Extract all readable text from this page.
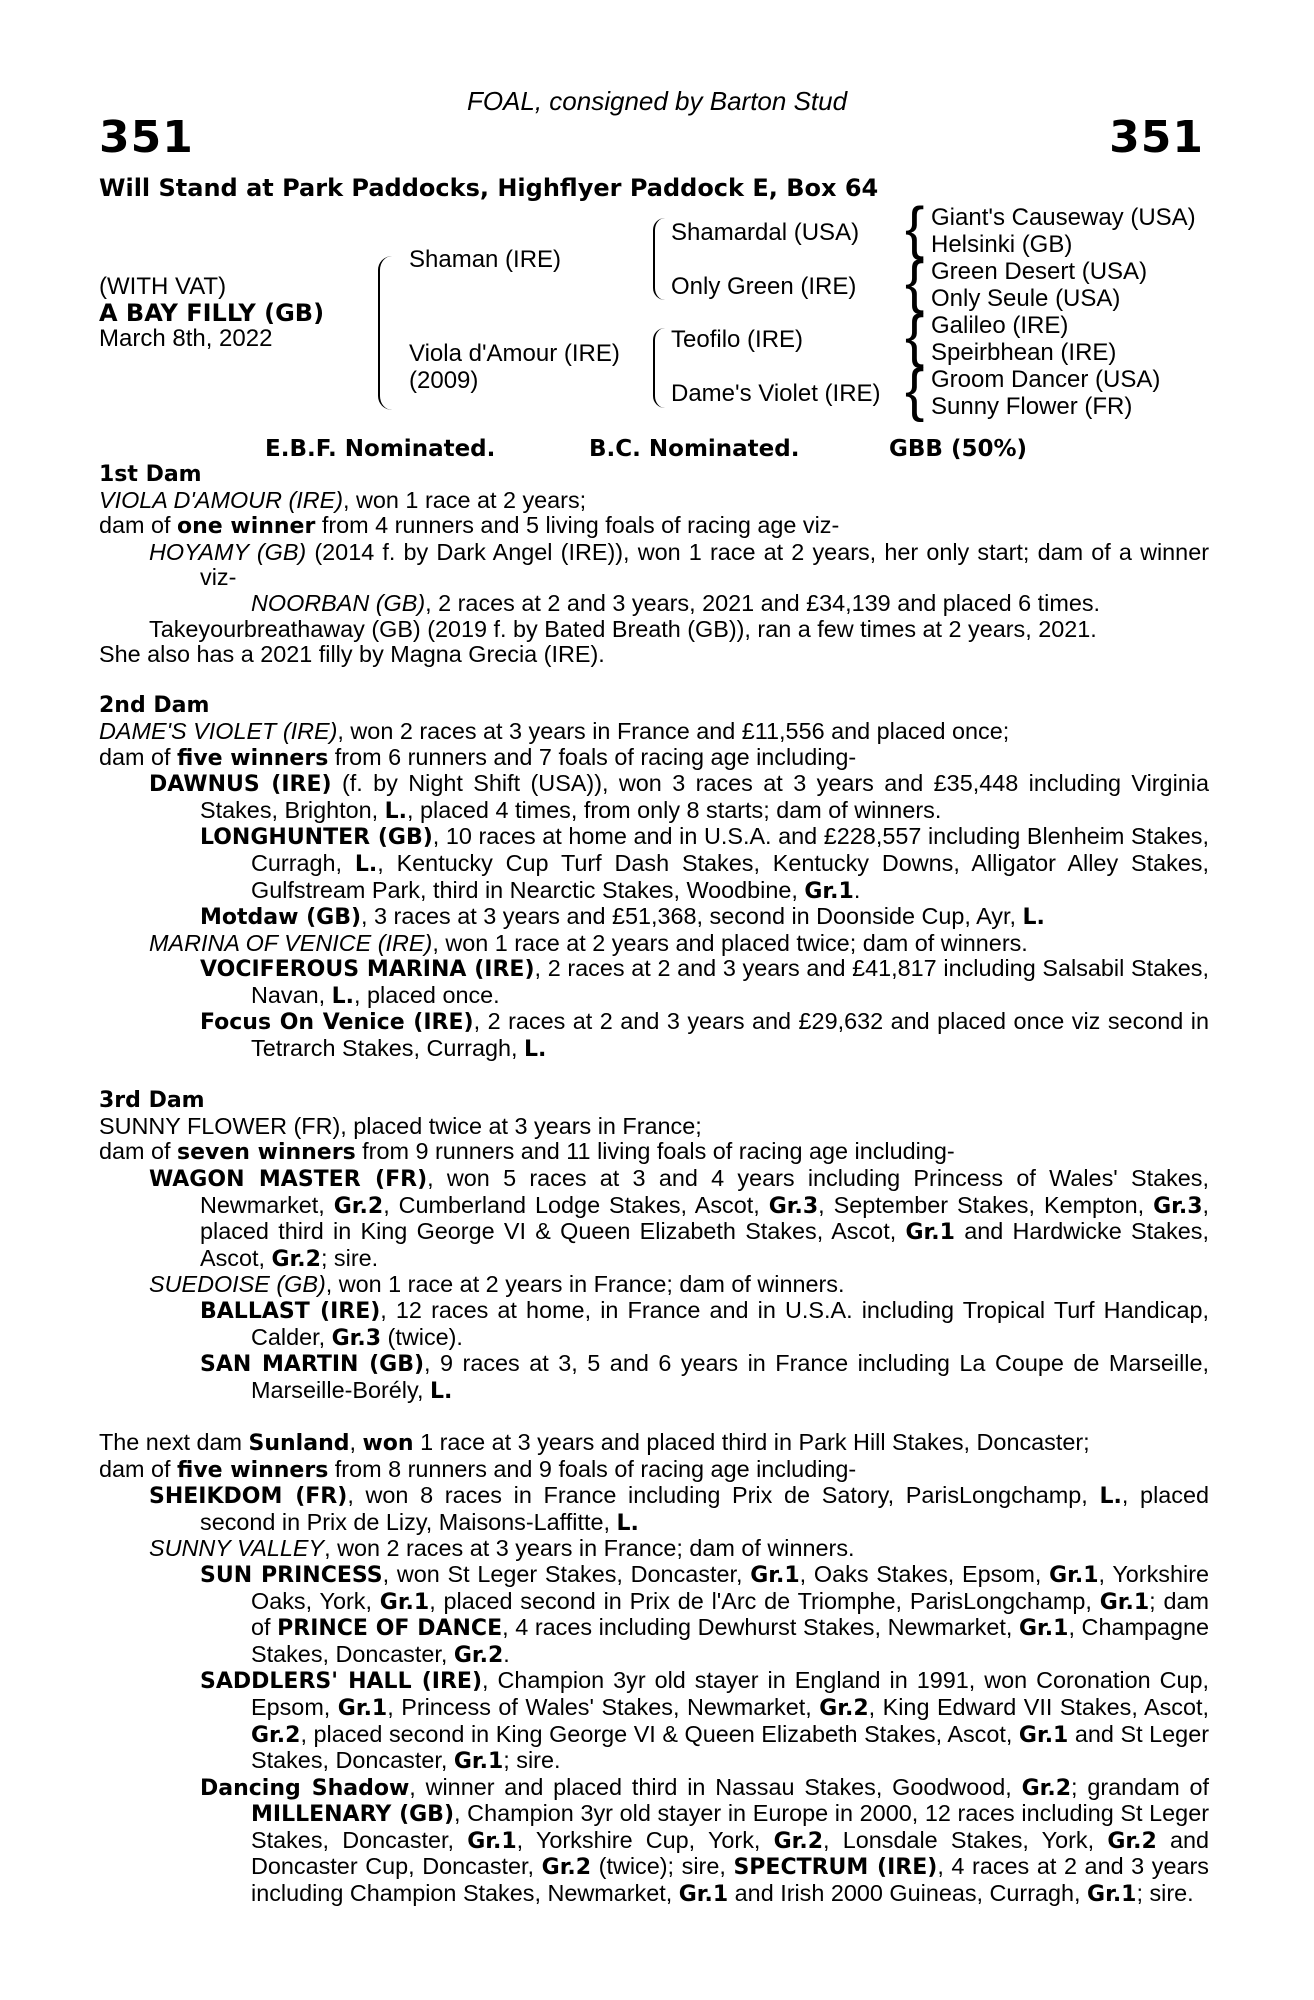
FOAL, consigned by Barton Stud
351	351
Will Stand at Park Paddocks, Highflyer Paddock E, Box 64
(WITH VAT)
A BAY FILLY (GB)
March 8th, 2022
{
{
{
{
Shaman (IRE)
Viola d'Amour (IRE)
(2009)
Shamardal (USA)
Only Green (IRE)
Teofilo (IRE)
Dame's Violet (IRE)
Giant's Causeway (USA)
Helsinki (GB)
Green Desert (USA)
Only Seule (USA)
Galileo (IRE)
Speirbhean (IRE)
Groom Dancer (USA)
Sunny Flower (FR)
E.B.F. Nominated.	B.C. Nominated.	GBB (50%)

1st Dam

VIOLA D'AMOUR (IRE), won 1 race at 2 years;

dam of one winner from 4 runners and 5 living foals of racing age viz-

HOYAMY (GB) (2014 f. by Dark Angel (IRE)), won 1 race at 2 years, her only start; dam of a winner viz-

NOORBAN (GB), 2 races at 2 and 3 years, 2021 and £34,139 and placed 6 times.

Takeyourbreathaway (GB) (2019 f. by Bated Breath (GB)), ran a few times at 2 years, 2021.

She also has a 2021 filly by Magna Grecia (IRE).

2nd Dam

DAME'S VIOLET (IRE), won 2 races at 3 years in France and £11,556 and placed once;

dam of five winners from 6 runners and 7 foals of racing age including-

DAWNUS (IRE) (f. by Night Shift (USA)), won 3 races at 3 years and £35,448 including Virginia Stakes, Brighton, L., placed 4 times, from only 8 starts; dam of winners.

LONGHUNTER (GB), 10 races at home and in U.S.A. and £228,557 including Blenheim Stakes, Curragh, L., Kentucky Cup Turf Dash Stakes, Kentucky Downs, Alligator Alley Stakes, Gulfstream Park, third in Nearctic Stakes, Woodbine, Gr.1.

Motdaw (GB), 3 races at 3 years and £51,368, second in Doonside Cup, Ayr, L.

MARINA OF VENICE (IRE), won 1 race at 2 years and placed twice; dam of winners.

VOCIFEROUS MARINA (IRE), 2 races at 2 and 3 years and £41,817 including Salsabil Stakes, Navan, L., placed once.

Focus On Venice (IRE), 2 races at 2 and 3 years and £29,632 and placed once viz second in Tetrarch Stakes, Curragh, L.

3rd Dam

SUNNY FLOWER (FR), placed twice at 3 years in France;

dam of seven winners from 9 runners and 11 living foals of racing age including-

WAGON MASTER (FR), won 5 races at 3 and 4 years including Princess of Wales' Stakes, Newmarket, Gr.2, Cumberland Lodge Stakes, Ascot, Gr.3, September Stakes, Kempton, Gr.3, placed third in King George VI & Queen Elizabeth Stakes, Ascot, Gr.1 and Hardwicke Stakes, Ascot, Gr.2; sire.

SUEDOISE (GB), won 1 race at 2 years in France; dam of winners.

BALLAST (IRE), 12 races at home, in France and in U.S.A. including Tropical Turf Handicap, Calder, Gr.3 (twice).

SAN MARTIN (GB), 9 races at 3, 5 and 6 years in France including La Coupe de Marseille, Marseille-Borély, L.

The next dam Sunland, won 1 race at 3 years and placed third in Park Hill Stakes, Doncaster;

dam of five winners from 8 runners and 9 foals of racing age including-

SHEIKDOM (FR), won 8 races in France including Prix de Satory, ParisLongchamp, L., placed second in Prix de Lizy, Maisons-Laffitte, L.

SUNNY VALLEY, won 2 races at 3 years in France; dam of winners.

SUN PRINCESS, won St Leger Stakes, Doncaster, Gr.1, Oaks Stakes, Epsom, Gr.1, Yorkshire Oaks, York, Gr.1, placed second in Prix de l'Arc de Triomphe, ParisLongchamp, Gr.1; dam of PRINCE OF DANCE, 4 races including Dewhurst Stakes, Newmarket, Gr.1, Champagne Stakes, Doncaster, Gr.2.

SADDLERS' HALL (IRE), Champion 3yr old stayer in England in 1991, won Coronation Cup, Epsom, Gr.1, Princess of Wales' Stakes, Newmarket, Gr.2, King Edward VII Stakes, Ascot, Gr.2, placed second in King George VI & Queen Elizabeth Stakes, Ascot, Gr.1 and St Leger Stakes, Doncaster, Gr.1; sire.

Dancing Shadow, winner and placed third in Nassau Stakes, Goodwood, Gr.2; grandam of MILLENARY (GB), Champion 3yr old stayer in Europe in 2000, 12 races including St Leger Stakes, Doncaster, Gr.1, Yorkshire Cup, York, Gr.2, Lonsdale Stakes, York, Gr.2 and Doncaster Cup, Doncaster, Gr.2 (twice); sire, SPECTRUM (IRE), 4 races at 2 and 3 years including Champion Stakes, Newmarket, Gr.1 and Irish 2000 Guineas, Curragh, Gr.1; sire.
